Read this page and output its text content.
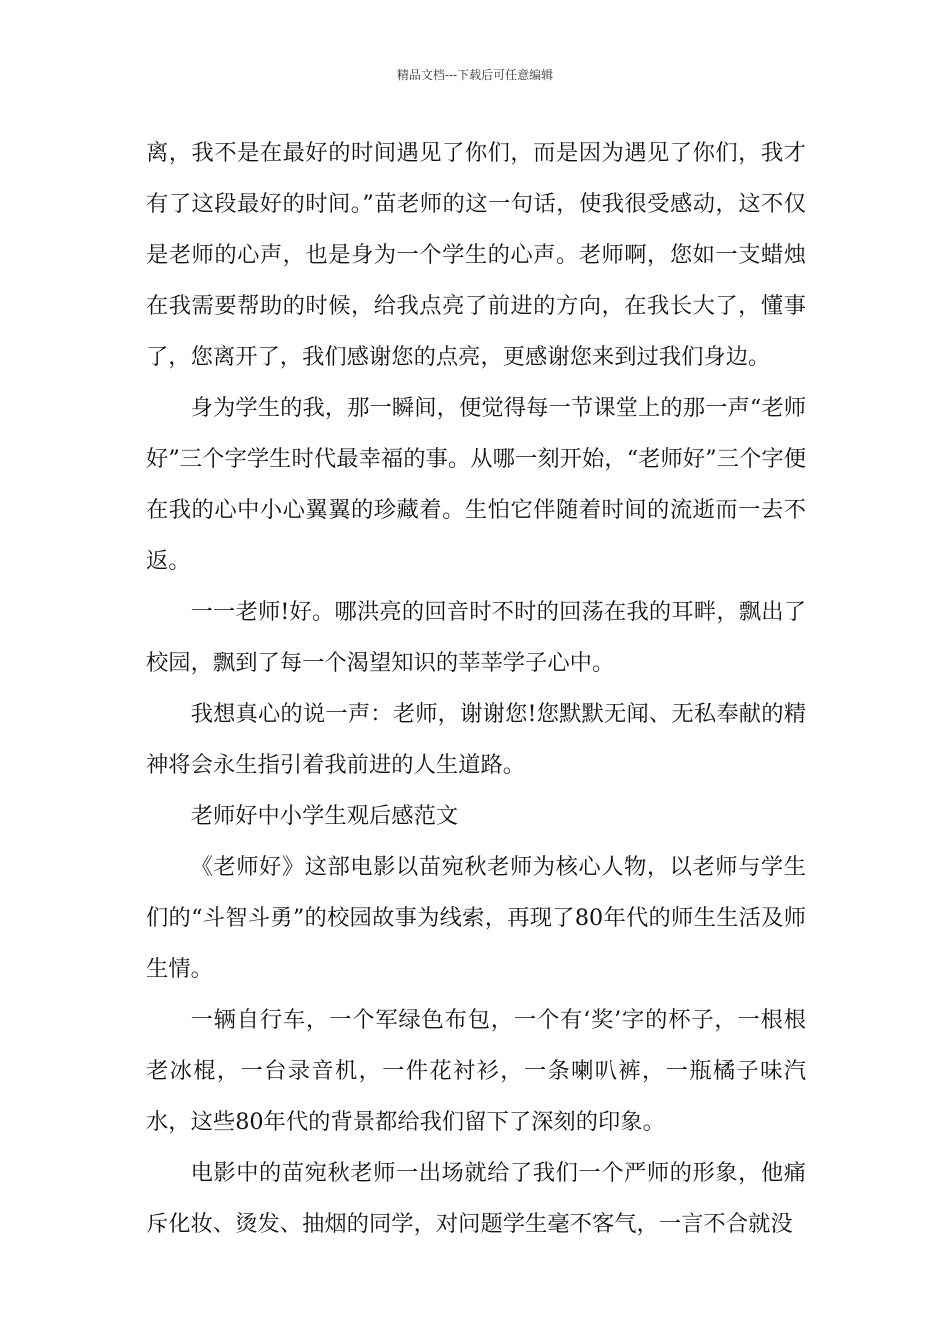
精品文档---下载后可任意编辑

离，我不是在最好的时间遇见了你们，而是因为遇见了你们，我才有了这段最好的时间。”苗老师的这一句话，使我很受感动，这不仅是老师的心声，也是身为一个学生的心声。老师啊，您如一支蜡烛在我需要帮助的时候，给我点亮了前进的方向，在我长大了，懂事了，您离开了，我们感谢您的点亮，更感谢您来到过我们身边。

身为学生的我，那一瞬间，便觉得每一节课堂上的那一声“老师好”三个字学生时代最幸福的事。从哪一刻开始，“老师好”三个字便在我的心中小心翼翼的珍藏着。生怕它伴随着时间的流逝而一去不返。

一一老师!好。哪洪亮的回音时不时的回荡在我的耳畔，飘出了校园，飘到了每一个渴望知识的莘莘学子心中。

我想真心的说一声：老师，谢谢您!您默默无闻、无私奉献的精神将会永生指引着我前进的人生道路。

老师好中小学生观后感范文

《老师好》这部电影以苗宛秋老师为核心人物，以老师与学生们的“斗智斗勇”的校园故事为线索，再现了80年代的师生生活及师生情。

一辆自行车，一个军绿色布包，一个有‘奖’字的杯子，一根根老冰棍，一台录音机，一件花衬衫，一条喇叭裤，一瓶橘子味汽水，这些80年代的背景都给我们留下了深刻的印象。

电影中的苗宛秋老师一出场就给了我们一个严师的形象，他痛斥化妆、烫发、抽烟的同学，对问题学生毫不客气，一言不合就没
